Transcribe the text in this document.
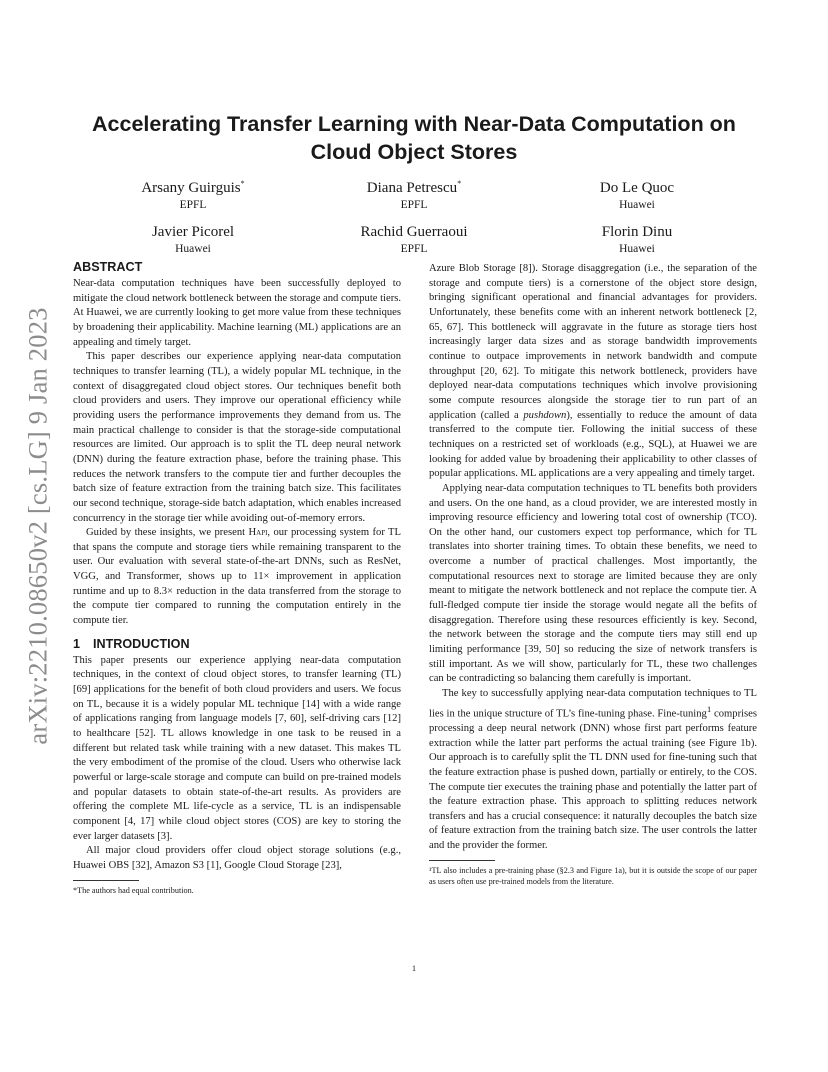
arXiv:2210.08650v2 [cs.LG] 9 Jan 2023
Accelerating Transfer Learning with Near-Data Computation on Cloud Object Stores
Arsany Guirguis*
EPFL
Diana Petrescu*
EPFL
Do Le Quoc
Huawei
Javier Picorel
Huawei
Rachid Guerraoui
EPFL
Florin Dinu
Huawei
ABSTRACT

Near-data computation techniques have been successfully deployed to mitigate the cloud network bottleneck between the storage and compute tiers. At Huawei, we are currently looking to get more value from these techniques by broadening their applicability. Machine learning (ML) applications are an appealing and timely target.

This paper describes our experience applying near-data computation techniques to transfer learning (TL), a widely popular ML technique, in the context of disaggregated cloud object stores. Our techniques benefit both cloud providers and users. They improve our operational efficiency while providing users the performance improvements they demand from us. The main practical challenge to consider is that the storage-side computational resources are limited. Our approach is to split the TL deep neural network (DNN) during the feature extraction phase, before the training phase. This reduces the network transfers to the compute tier and further decouples the batch size of feature extraction from the training batch size. This facilitates our second technique, storage-side batch adaptation, which enables increased concurrency in the storage tier while avoiding out-of-memory errors.

Guided by these insights, we present Hapi, our processing system for TL that spans the compute and storage tiers while remaining transparent to the user. Our evaluation with several state-of-the-art DNNs, such as ResNet, VGG, and Transformer, shows up to 11× improvement in application runtime and up to 8.3× reduction in the data transferred from the storage to the compute tier compared to running the computation entirely in the compute tier.

1 INTRODUCTION

This paper presents our experience applying near-data computation techniques, in the context of cloud object stores, to transfer learning (TL) [69] applications for the benefit of both cloud providers and users. We focus on TL, because it is a widely popular ML technique [14] with a wide range of applications ranging from language models [7, 60], self-driving cars [12] to healthcare [52]. TL allows knowledge in one task to be reused in a different but related task while training with a new dataset. This makes TL the very embodiment of the promise of the cloud. Users who otherwise lack powerful or large-scale storage and compute can build on pre-trained models and popular datasets to obtain state-of-the-art results. As providers are offering the complete ML life-cycle as a service, TL is an indispensable component [4, 17] while cloud object stores (COS) are key to storing the ever larger datasets [3].

All major cloud providers offer cloud object storage solutions (e.g., Huawei OBS [32], Amazon S3 [1], Google Cloud Storage [23],

*The authors had equal contribution.

Azure Blob Storage [8]). Storage disaggregation (i.e., the separation of the storage and compute tiers) is a cornerstone of the object store design, bringing significant operational and financial advantages for providers. Unfortunately, these benefits come with an inherent network bottleneck [2, 65, 67]. This bottleneck will aggravate in the future as storage tiers host increasingly larger data sizes and as storage bandwidth improvements continue to outpace improvements in network bandwidth and compute throughput [20, 62]. To mitigate this network bottleneck, providers have deployed near-data computations techniques which involve provisioning some compute resources alongside the storage tier to run part of an application (called a pushdown), essentially to reduce the amount of data transferred to the compute tier. Following the initial success of these techniques on a restricted set of workloads (e.g., SQL), at Huawei we are looking for added value by broadening their applicability to other classes of popular applications. ML applications are a very appealing and timely target.

Applying near-data computation techniques to TL benefits both providers and users. On the one hand, as a cloud provider, we are interested mostly in improving resource efficiency and lowering total cost of ownership (TCO). On the other hand, our customers expect top performance, which for TL translates into shorter training times. To obtain these benefits, we need to overcome a number of practical challenges. Most importantly, the computational resources next to storage are limited because they are only meant to mitigate the network bottleneck and not replace the compute tier. A full-fledged compute tier inside the storage would negate all the befits of disaggregation. Therefore using these resources efficiently is key. Second, the network between the storage and the compute tiers may still end up limiting performance [39, 50] so reducing the size of network transfers is still important. As we will show, particularly for TL, these two challenges can be contradicting so balancing them carefully is important.

The key to successfully applying near-data computation techniques to TL lies in the unique structure of TL’s fine-tuning phase. Fine-tuning$^1$ comprises processing a deep neural network (DNN) whose first part performs feature extraction while the latter part performs the actual training (see Figure 1b). Our approach is to carefully split the TL DNN used for fine-tuning such that the feature extraction phase is pushed down, partially or entirely, to the COS. The compute tier executes the training phase and potentially the latter part of the feature extraction phase. This approach to splitting reduces network transfers and has a crucial consequence: it naturally decouples the batch size of feature extraction from the training batch size. The user controls the latter and the provider the former.

¹TL also includes a pre-training phase (§2.3 and Figure 1a), but it is outside the scope of our paper as users often use pre-trained models from the literature.
1
